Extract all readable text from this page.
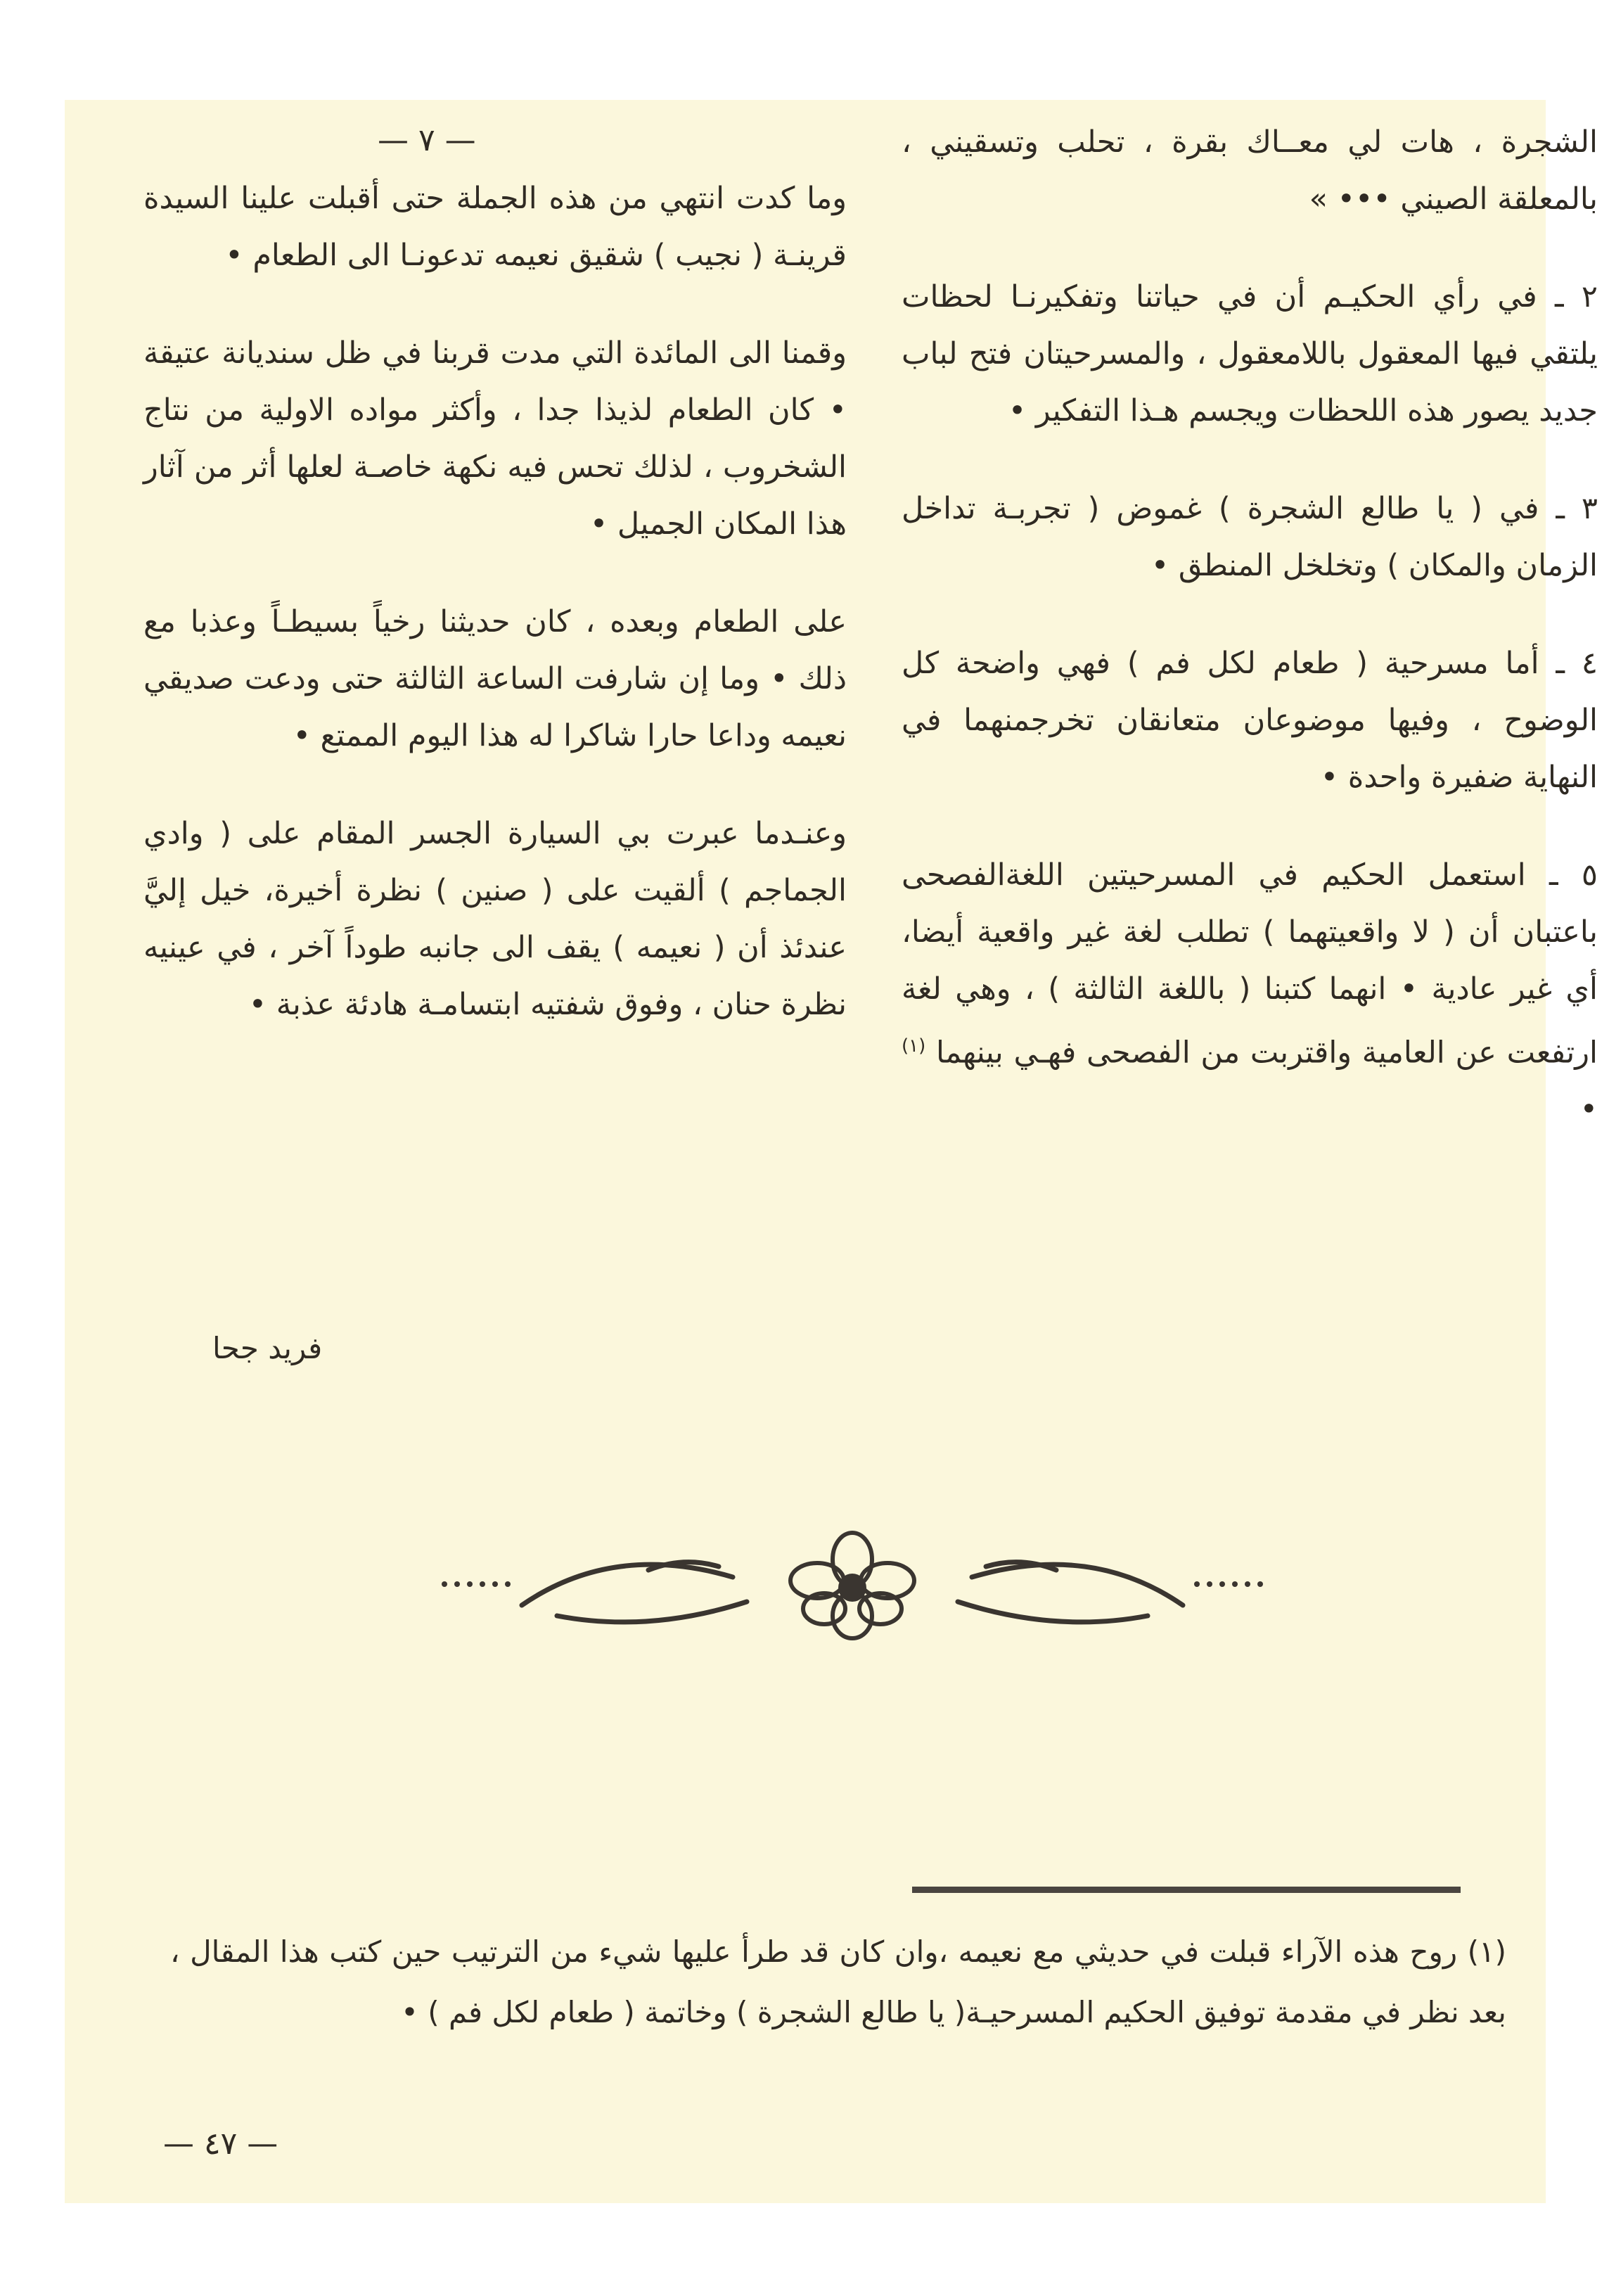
— ٧ —	الشجرة ، هات لي معــاك بقرة ، تحلب وتسقيني ، بالمعلقة الصيني ••• »

٢ ـ في رأي الحكيـم أن في حياتنا وتفكيرنـا لحظات يلتقي فيها المعقول باللامعقول ، والمسرحيتان فتح لباب جديد يصور هذه اللحظات ويجسم هـذا التفكير •

٣ ـ في ( يا طالع الشجرة ) غموض ( تجربـة تداخل الزمان والمكان ) وتخلخل المنطق •

٤ ـ أما مسرحية ( طعام لكل فم ) فهي واضحة كل الوضوح ، وفيها موضوعان متعانقان تخرجمنهما في النهاية ضفيرة واحدة •

٥ ـ استعمل الحكيم في المسرحيتين اللغةالفصحى باعتبان أن ( لا واقعيتهما ) تطلب لغة غير واقعية أيضا، أي غير عادية • انهما كتبنا ( باللغة الثالثة ) ، وهي لغة ارتفعت عن العامية واقتربت من الفصحى فهـي بينهما $^{(١)}$ •

وما كدت انتهي من هذه الجملة حتى أقبلت علينا السيدة قرينـة ( نجيب ) شقيق نعيمه تدعونـا الى الطعام •

وقمنا الى المائدة التي مدت قربنا في ظل سنديانة عتيقة • كان الطعام لذيذا جدا ، وأكثر مواده الاولية من نتاج الشخروب ، لذلك تحس فيه نكهة خاصـة لعلها أثر من آثار هذا المكان الجميل •

على الطعام وبعده ، كان حديثنا رخياً بسيطـاً وعذبا مع ذلك • وما إن شارفت الساعة الثالثة حتى ودعت صديقي نعيمه وداعا حارا شاكرا له هذا اليوم الممتع •

وعنـدما عبرت بي السيارة الجسر المقام على ( وادي الجماجم ) ألقيت على ( صنين ) نظرة أخيرة، خيل إليَّ عندئذ أن ( نعيمه ) يقف الى جانبه طوداً آخر ، في عينيه نظرة حنان ، وفوق شفتيه ابتسامـة هادئة عذبة •

فريد جحا

(١) روح هذه الآراء قبلت في حديثي مع نعيمه ،وان كان قد طرأ عليها شيء من الترتيب حين كتب هذا المقال ، بعد نظر في مقدمة توفيق الحكيم المسرحيـة( يا طالع الشجرة ) وخاتمة ( طعام لكل فم ) •

— ٤٧ —
